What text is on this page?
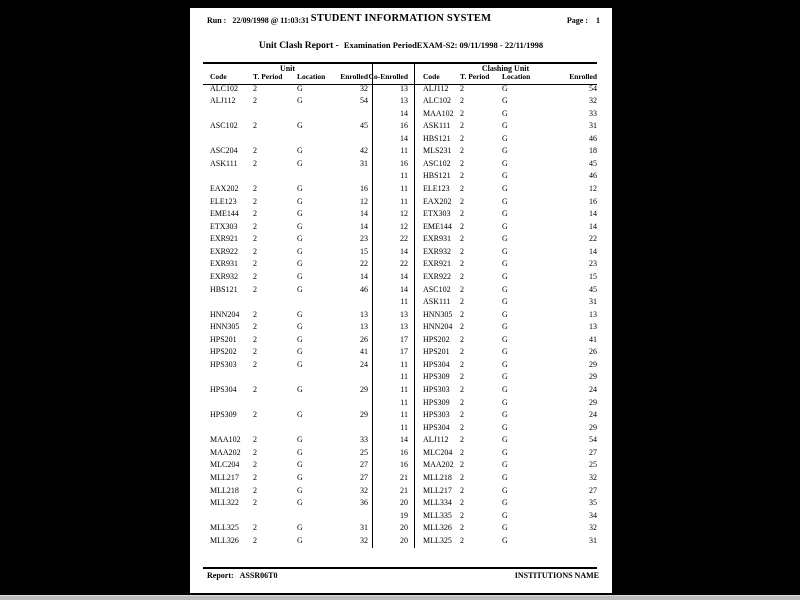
Run : 22/09/1998 @ 11:03:31 STUDENT INFORMATION SYSTEM	Page : 1
Unit Clash Report - Examination PeriodEXAM-S2: 09/11/1998 - 22/11/1998
Unit	Clashing Unit
Code	T. Period	Location	Enrolled Co-Enrolled Code	T. Period	Location	Enrolled
ALC102	2	G	32	13 ALJ112	2	G	54
ALJ112	2	G	54	13 ALC102	2	G	32
14 MAA102 2	G	33
ASC102	2	G	45	16 ASK111	2	G	31
14 HBS121	2	G	46
ASC204	2	G	42	11 MLS231	2	G	18
ASK111	2	G	31	16 ASC102	2	G	45
11 HBS121	2	G	46
EAX202	2	G	16	11 ELE123	2	G	12
ELE123	2	G	12	11 EAX202	2	G	16
EME144	2	G	14	12 ETX303	2	G	14
ETX303	2	G	14	12 EME144	2	G	14
EXR921	2	G	23	22 EXR931	2	G	22
EXR922	2	G	15	14 EXR932	2	G	14
EXR931	2	G	22	22 EXR921	2	G	23
EXR932	2	G	14	14 EXR922	2	G	15
HBS121	2	G	46	14 ASC102	2	G	45
11 ASK111	2	G	31
HNN204	2	G	13	13 HNN305 2	G	13
HNN305	2	G	13	13 HNN204 2	G	13
HPS201	2	G	26	17 HPS202	2	G	41
HPS202	2	G	41	17 HPS201	2	G	26
HPS303	2	G	24	11 HPS304	2	G	29
11 HPS309	2	G	29
HPS304	2	G	29	11 HPS303	2	G	24
11 HPS309	2	G	29
HPS309	2	G	29	11 HPS303	2	G	24
11 HPS304	2	G	29
MAA102	2	G	33	14 ALJ112	2	G	54
MAA202	2	G	25	16 MLC204 2	G	27
MLC204	2	G	27	16 MAA202 2	G	25
MLL217	2	G	27	21 MLL218	2	G	32
MLL218	2	G	32	21 MLL217	2	G	27
MLL322	2	G	36	20 MLL334	2	G	35
19 MLL335	2	G	34
MLL325	2	G	31	20 MLL326	2	G	32
MLL326	2	G	32	20 MLL325	2	G	31
Report: ASSR06T0	INSTITUTIONS NAME
